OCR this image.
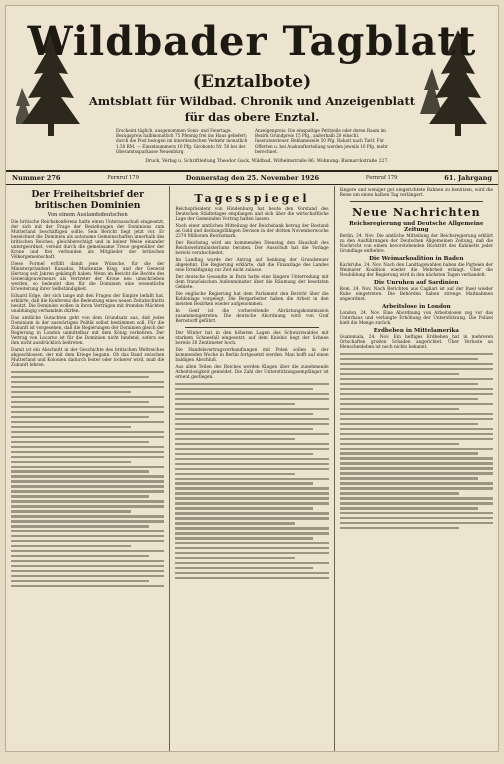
Wildbader Tagblatt
(Enztalbote)
Amtsblatt für Wildbad. Chronik und Anzeigenblatt
für das obere Enztal.
Erscheint täglich, ausgenommen Sonn- und Feiertage. Bezugspreis halbmonatlich 75 Pfennig frei ins Haus geliefert; durch die Post bezogen im innerdeutschen Verkehr monatlich 1.50 RM. — Einzelnummern 10 Pfg. Girokonto Nr. 50 bei der Oberamtssparkasse Neuenbürg.
Anzeigenpreis: Die einspaltige Petitzeile oder deren Raum im Bezirk Grundpreis 15 Pfg., außerhalb 20 einschl. Inseratensteuer. Reklamezeile 50 Pfg. Rabatt nach Tarif. Für Offerten u. bei Auskunfterteilung werden jeweils 10 Pfg. mehr berechnet.
Druck, Verlag u. Schriftleitung Theodor Gack, Wildbad, Wilhelmstraße 86. Wohnung: Bismarckstraße 227.
Nummer 276	Fernruf 179	Donnerstag den 25. November 1926	Fernruf 179	61. Jahrgang
Der Freiheitsbrief der britischen Dominien
Von einem Auslandsdeutschen

Die britische Reichskonferenz hatte einen Unterausschuß eingesetzt, der sich mit der Frage der Beziehungen der Dominions zum Mutterland beschäftigen sollte. Sein Bericht liegt jetzt vor. Er bezeichnet die Dominien als autonome Gemeinschaften innerhalb des britischen Reiches, gleichberechtigt und in keiner Weise einander untergeordnet, vereint durch die gemeinsame Treue gegenüber der Krone und frei verbunden als Mitglieder der britischen Völkergemeinschaft.

Diese Formel erfüllt damit jene Wünsche, für die der Ministerpräsident Kanadas, Mackenzie King, und der General Hertzog seit Jahren gekämpft haben. Wenn im Bericht die Rechte des Generalgouverneurs als Vertreter der Krone neu umschrieben werden, so bedeutet dies für die Dominien eine wesentliche Erweiterung ihrer Selbständigkeit.

Eduard Edge, der sich lange mit den Fragen der Empire befaßt hat, erklärte, daß die Konferenz die Bedeutung eines neuen Zeitabschnitts besitzt. Die Dominien wollen in ihren Verträgen mit fremden Mächten unabhängig verhandeln dürfen.

Das amtliche Gutachten geht von dem Grundsatz aus, daß jedes Dominium in der auswärtigen Politik selbst bestimmen soll. Für die Zukunft ist vorgesehen, daß die Regierungen der Dominien gleich der Regierung in London unmittelbar mit dem König verkehren. Der Vertrag von Locarno ist für die Dominien nicht bindend, sofern sie ihm nicht ausdrücklich beitreten.

Damit ist ein Abschnitt in der Geschichte des britischen Weltreiches abgeschlossen, der mit dem Kriege begann. Ob das Band zwischen Mutterland und Kolonien dadurch fester oder lockerer wird, muß die Zukunft lehren.

Tagesspiegel

Reichspräsident von Hindenburg hat heute den Vorstand des Deutschen Städtetages empfangen und sich über die wirtschaftliche Lage der Gemeinden Vortrag halten lassen.

Nach einer amtlichen Mitteilung der Reichsbank betrug der Bestand an Gold und deckungsfähigen Devisen in der dritten Novemberwoche 2374 Millionen Reichsmark.

Der Reichstag wird am kommenden Dienstag den Haushalt des Reichswehrministeriums beraten. Der Ausschuß hat die Vorlage bereits verabschiedet.

Im Landtag wurde der Antrag auf Senkung der Grundsteuer abgelehnt. Die Regierung erklärte, daß die Finanzlage des Landes eine Ermäßigung zur Zeit nicht zulasse.

Der deutsche Gesandte in Paris hatte eine längere Unterredung mit dem französischen Außenminister über die Räumung der besetzten Gebiete.

Die englische Regierung hat dem Parlament den Bericht über die Kohlenlage vorgelegt. Die Bergarbeiter haben die Arbeit in den meisten Bezirken wieder aufgenommen.

In Genf ist die vorbereitende Abrüstungskommission zusammengetreten. Die deutsche Abordnung wird von Graf Bernstorff geführt.

Der Winter hat in den höheren Lagen des Schwarzwaldes mit starkem Schneefall eingesetzt; auf dem Kniebis liegt der Schnee bereits 30 Zentimeter hoch.

Die Handelsvertragsverhandlungen mit Polen sollen in der kommenden Woche in Berlin fortgesetzt werden. Man hofft auf einen baldigen Abschluß.

Aus allen Teilen des Reiches werden Klagen über die zunehmende Arbeitslosigkeit gemeldet. Die Zahl der Unterstützungsempfänger ist erneut gestiegen.

längere und weniger gut eingerichtete Bahnen zu benützen, wird die Reise um einen halben Tag verlängert.

Neue Nachrichten
Reichsregierung und Deutsche Allgemeine Zeitung

Berlin, 24. Nov. Die amtliche Mitteilung der Reichsregierung erklärt zu den Ausführungen der Deutschen Allgemeinen Zeitung, daß die Nachricht von einem bevorstehenden Rücktritt des Kabinetts jeder Grundlage entbehre.

Die Weimarkoalition in Baden

Karlsruhe, 24. Nov. Nach den Landtagswahlen haben die Parteien der Weimarer Koalition wieder die Mehrheit erlangt. Über die Neubildung der Regierung wird in den nächsten Tagen verhandelt.

Die Unruhen auf Sardinien

Rom, 24. Nov. Nach Berichten aus Cagliari ist auf der Insel wieder Ruhe eingetreten. Die Behörden haben strenge Maßnahmen angeordnet.

Arbeitslose in London

London, 24. Nov. Eine Abordnung von Arbeitslosen zog vor das Unterhaus und verlangte Erhöhung der Unterstützung. Die Polizei hielt die Menge zurück.

Erdbeben in Mittelamerika

Guatemala, 24. Nov. Ein heftiges Erdbeben hat in mehreren Ortschaften großen Schaden angerichtet. Über Verluste an Menschenleben ist noch nichts bekannt.
